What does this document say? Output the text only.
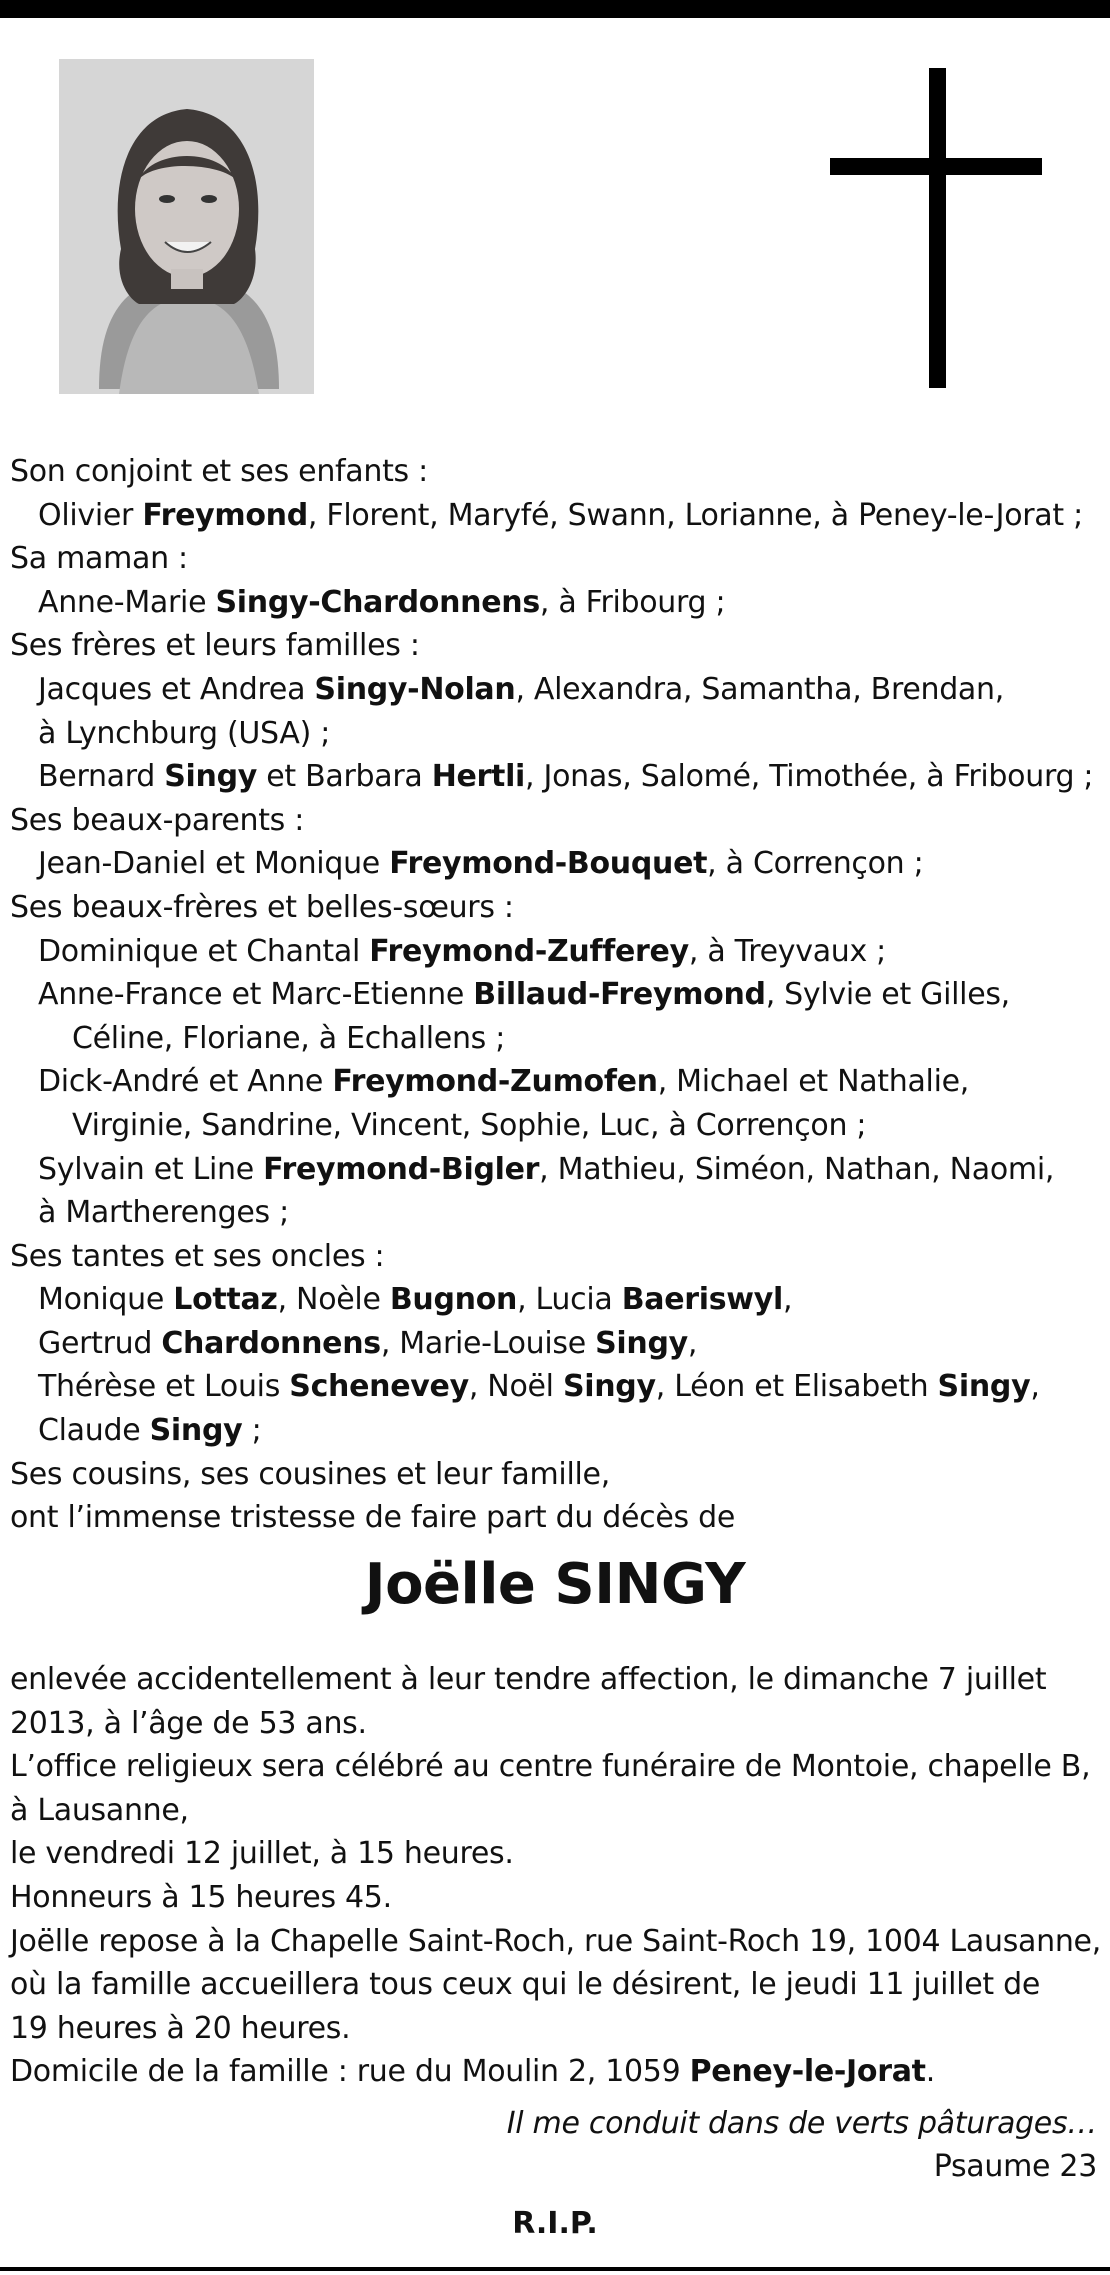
Son conjoint et ses enfants :
Olivier Freymond, Florent, Maryfé, Swann, Lorianne, à Peney-le-Jorat ;
Sa maman :
Anne-Marie Singy-Chardonnens, à Fribourg ;
Ses frères et leurs familles :
Jacques et Andrea Singy-Nolan, Alexandra, Samantha, Brendan,
à Lynchburg (USA) ;
Bernard Singy et Barbara Hertli, Jonas, Salomé, Timothée, à Fribourg ;
Ses beaux-parents :
Jean-Daniel et Monique Freymond-Bouquet, à Corrençon ;
Ses beaux-frères et belles-sœurs :
Dominique et Chantal Freymond-Zufferey, à Treyvaux ;
Anne-France et Marc-Etienne Billaud-Freymond, Sylvie et Gilles,
Céline, Floriane, à Echallens ;
Dick-André et Anne Freymond-Zumofen, Michael et Nathalie,
Virginie, Sandrine, Vincent, Sophie, Luc, à Corrençon ;
Sylvain et Line Freymond-Bigler, Mathieu, Siméon, Nathan, Naomi,
à Martherenges ;
Ses tantes et ses oncles :
Monique Lottaz, Noèle Bugnon, Lucia Baeriswyl,
Gertrud Chardonnens, Marie-Louise Singy,
Thérèse et Louis Schenevey, Noël Singy, Léon et Elisabeth Singy,
Claude Singy ;
Ses cousins, ses cousines et leur famille,
ont l’immense tristesse de faire part du décès de
Joëlle SINGY
enlevée accidentellement à leur tendre affection, le dimanche 7 juillet
2013, à l’âge de 53 ans.
L’office religieux sera célébré au centre funéraire de Montoie, chapelle B,
à Lausanne,
le vendredi 12 juillet, à 15 heures.
Honneurs à 15 heures 45.
Joëlle repose à la Chapelle Saint-Roch, rue Saint-Roch 19, 1004 Lausanne,
où la famille accueillera tous ceux qui le désirent, le jeudi 11 juillet de
19 heures à 20 heures.
Domicile de la famille : rue du Moulin 2, 1059 Peney-le-Jorat.
Il me conduit dans de verts pâturages…
Psaume 23
R.I.P.
